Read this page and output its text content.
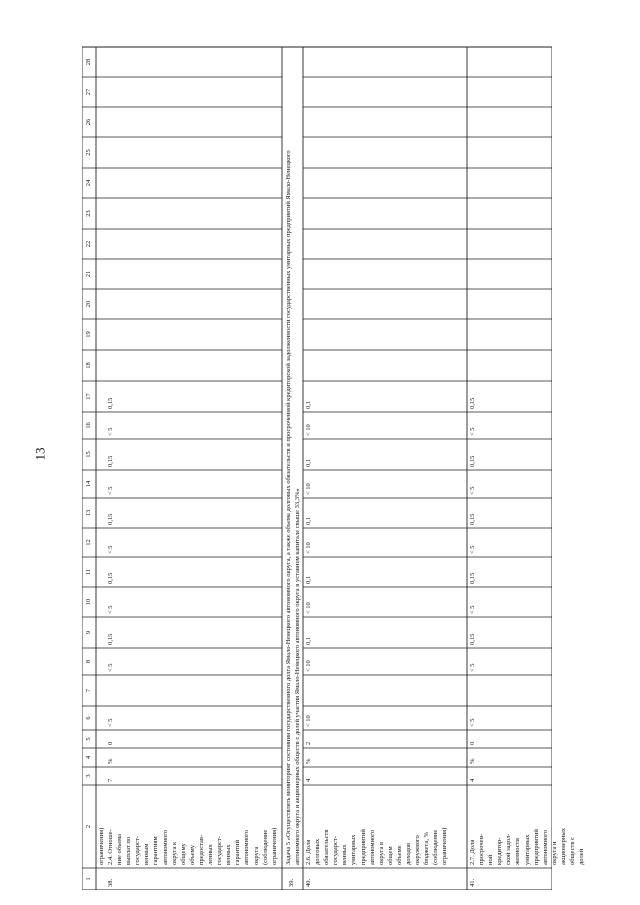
13
1
2
3
4
5
6
7
8
9
10
11
12
13
14
15
16
17
18
19
20
21
22
23
24
25
26
27
28
ограничения)
38.
2.4. Отноше-
ние объема
выплат по
государст-
венным
гарантиям
автономного
округа к
общему
объему
предостав-
ленных
государст-
венных
гарантий
автономного
округа
(соблюдение
ограничения)
7
%
0
< 5
< 5
0,15
< 5
0,15
< 5
0,15
< 5
0,15
< 5
0,15
40.
2.6. Доля
долговых
обязательств
государст-
венных
унитарных
предприятий
автономного
округа в
общем
объеме
доходов
окружного
бюджета, %
(соблюдение
ограничения)
4
%
2
< 10
< 10
0,1
< 10
0,1
< 10
0,1
< 10
0,1
< 10
0,1
41.
2.7. Доля
просрочен-
ной
кредитор-
ской задол-
женности
унитарных
предприятий
автономного
округа и
акционерных
обществ с
долей
4
%
0
< 5
< 5
0,15
< 5
0,15
< 5
0,15
< 5
0,15
< 5
0,15
39.
Задача 5 «Осуществлять мониторинг состояния государственного долга Ямало-Ненецкого автономного округа, а также объема долговых обязательств и просроченной кредиторской задолженности государственных унитарных предприятий Ямало-Ненецкого автономного округа и акционерных обществ с долей участия Ямало-Ненецкого автономного округа в уставном капитале свыше 33,3%»
